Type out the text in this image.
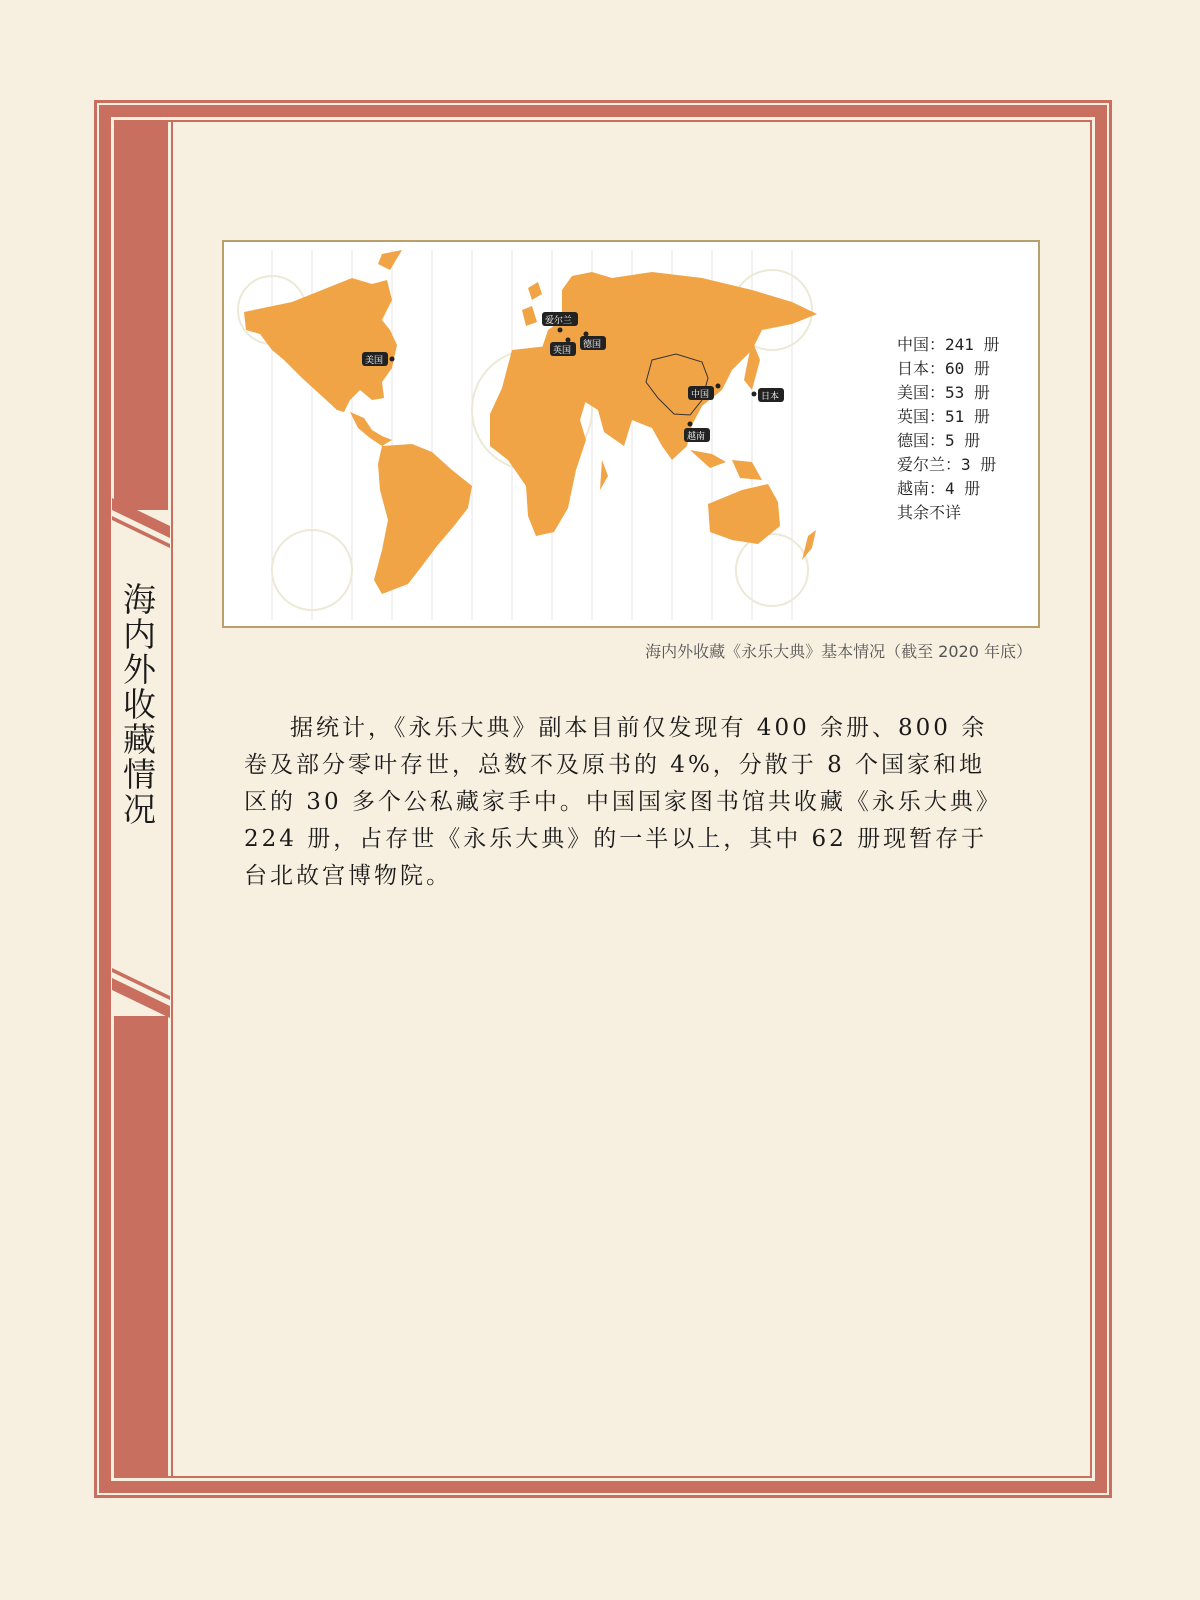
海内外收藏情况
美国
爱尔兰
英国
德国
中国	日本
越南
中国：241 册
日本：60 册
美国：53 册
英国：51 册
德国：5 册
爱尔兰：3 册
越南：4 册
其余不详
海内外收藏《永乐大典》基本情况（截至 2020 年底）

据统计，《永乐大典》副本目前仅发现有 400 余册、800 余卷及部分零叶存世，总数不及原书的 4%，分散于 8 个国家和地区的 30 多个公私藏家手中。中国国家图书馆共收藏《永乐大典》224 册，占存世《永乐大典》的一半以上，其中 62 册现暂存于台北故宫博物院。
